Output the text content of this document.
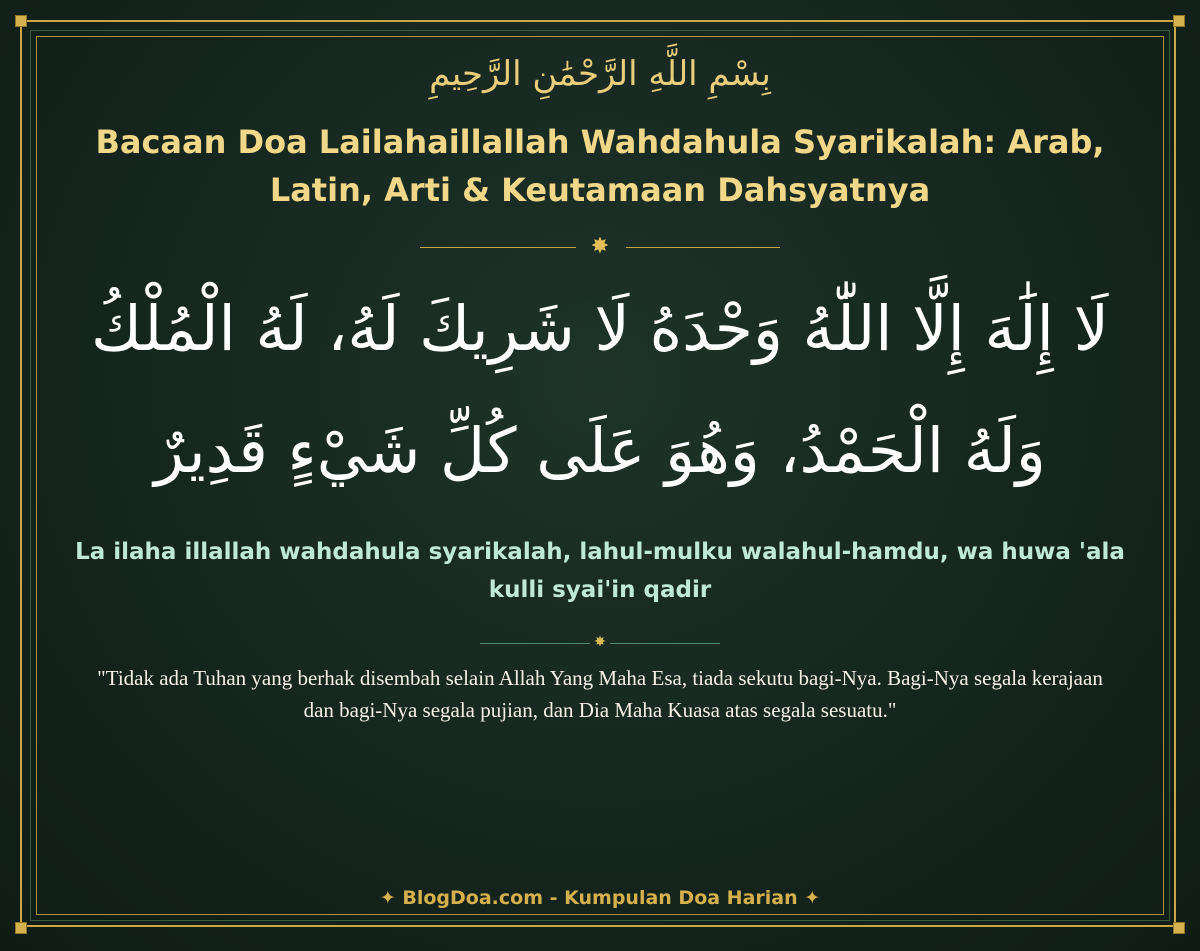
بِسْمِ اللَّهِ الرَّحْمَٰنِ الرَّحِيمِ
Bacaan Doa Lailahaillallah Wahdahula Syarikalah: Arab, Latin, Arti & Keutamaan Dahsyatnya
✸
لَا إِلَٰهَ إِلَّا اللّٰهُ وَحْدَهُ لَا شَرِيكَ لَهُ، لَهُ الْمُلْكُ وَلَهُ الْحَمْدُ، وَهُوَ عَلَى كُلِّ شَيْءٍ قَدِيرٌ
La ilaha illallah wahdahula syarikalah, lahul-mulku walahul-hamdu, wa huwa 'ala kulli syai'in qadir
✸
"Tidak ada Tuhan yang berhak disembah selain Allah Yang Maha Esa, tiada sekutu bagi-Nya. Bagi-Nya segala kerajaan dan bagi-Nya segala pujian, dan Dia Maha Kuasa atas segala sesuatu."
✦ BlogDoa.com - Kumpulan Doa Harian ✦
